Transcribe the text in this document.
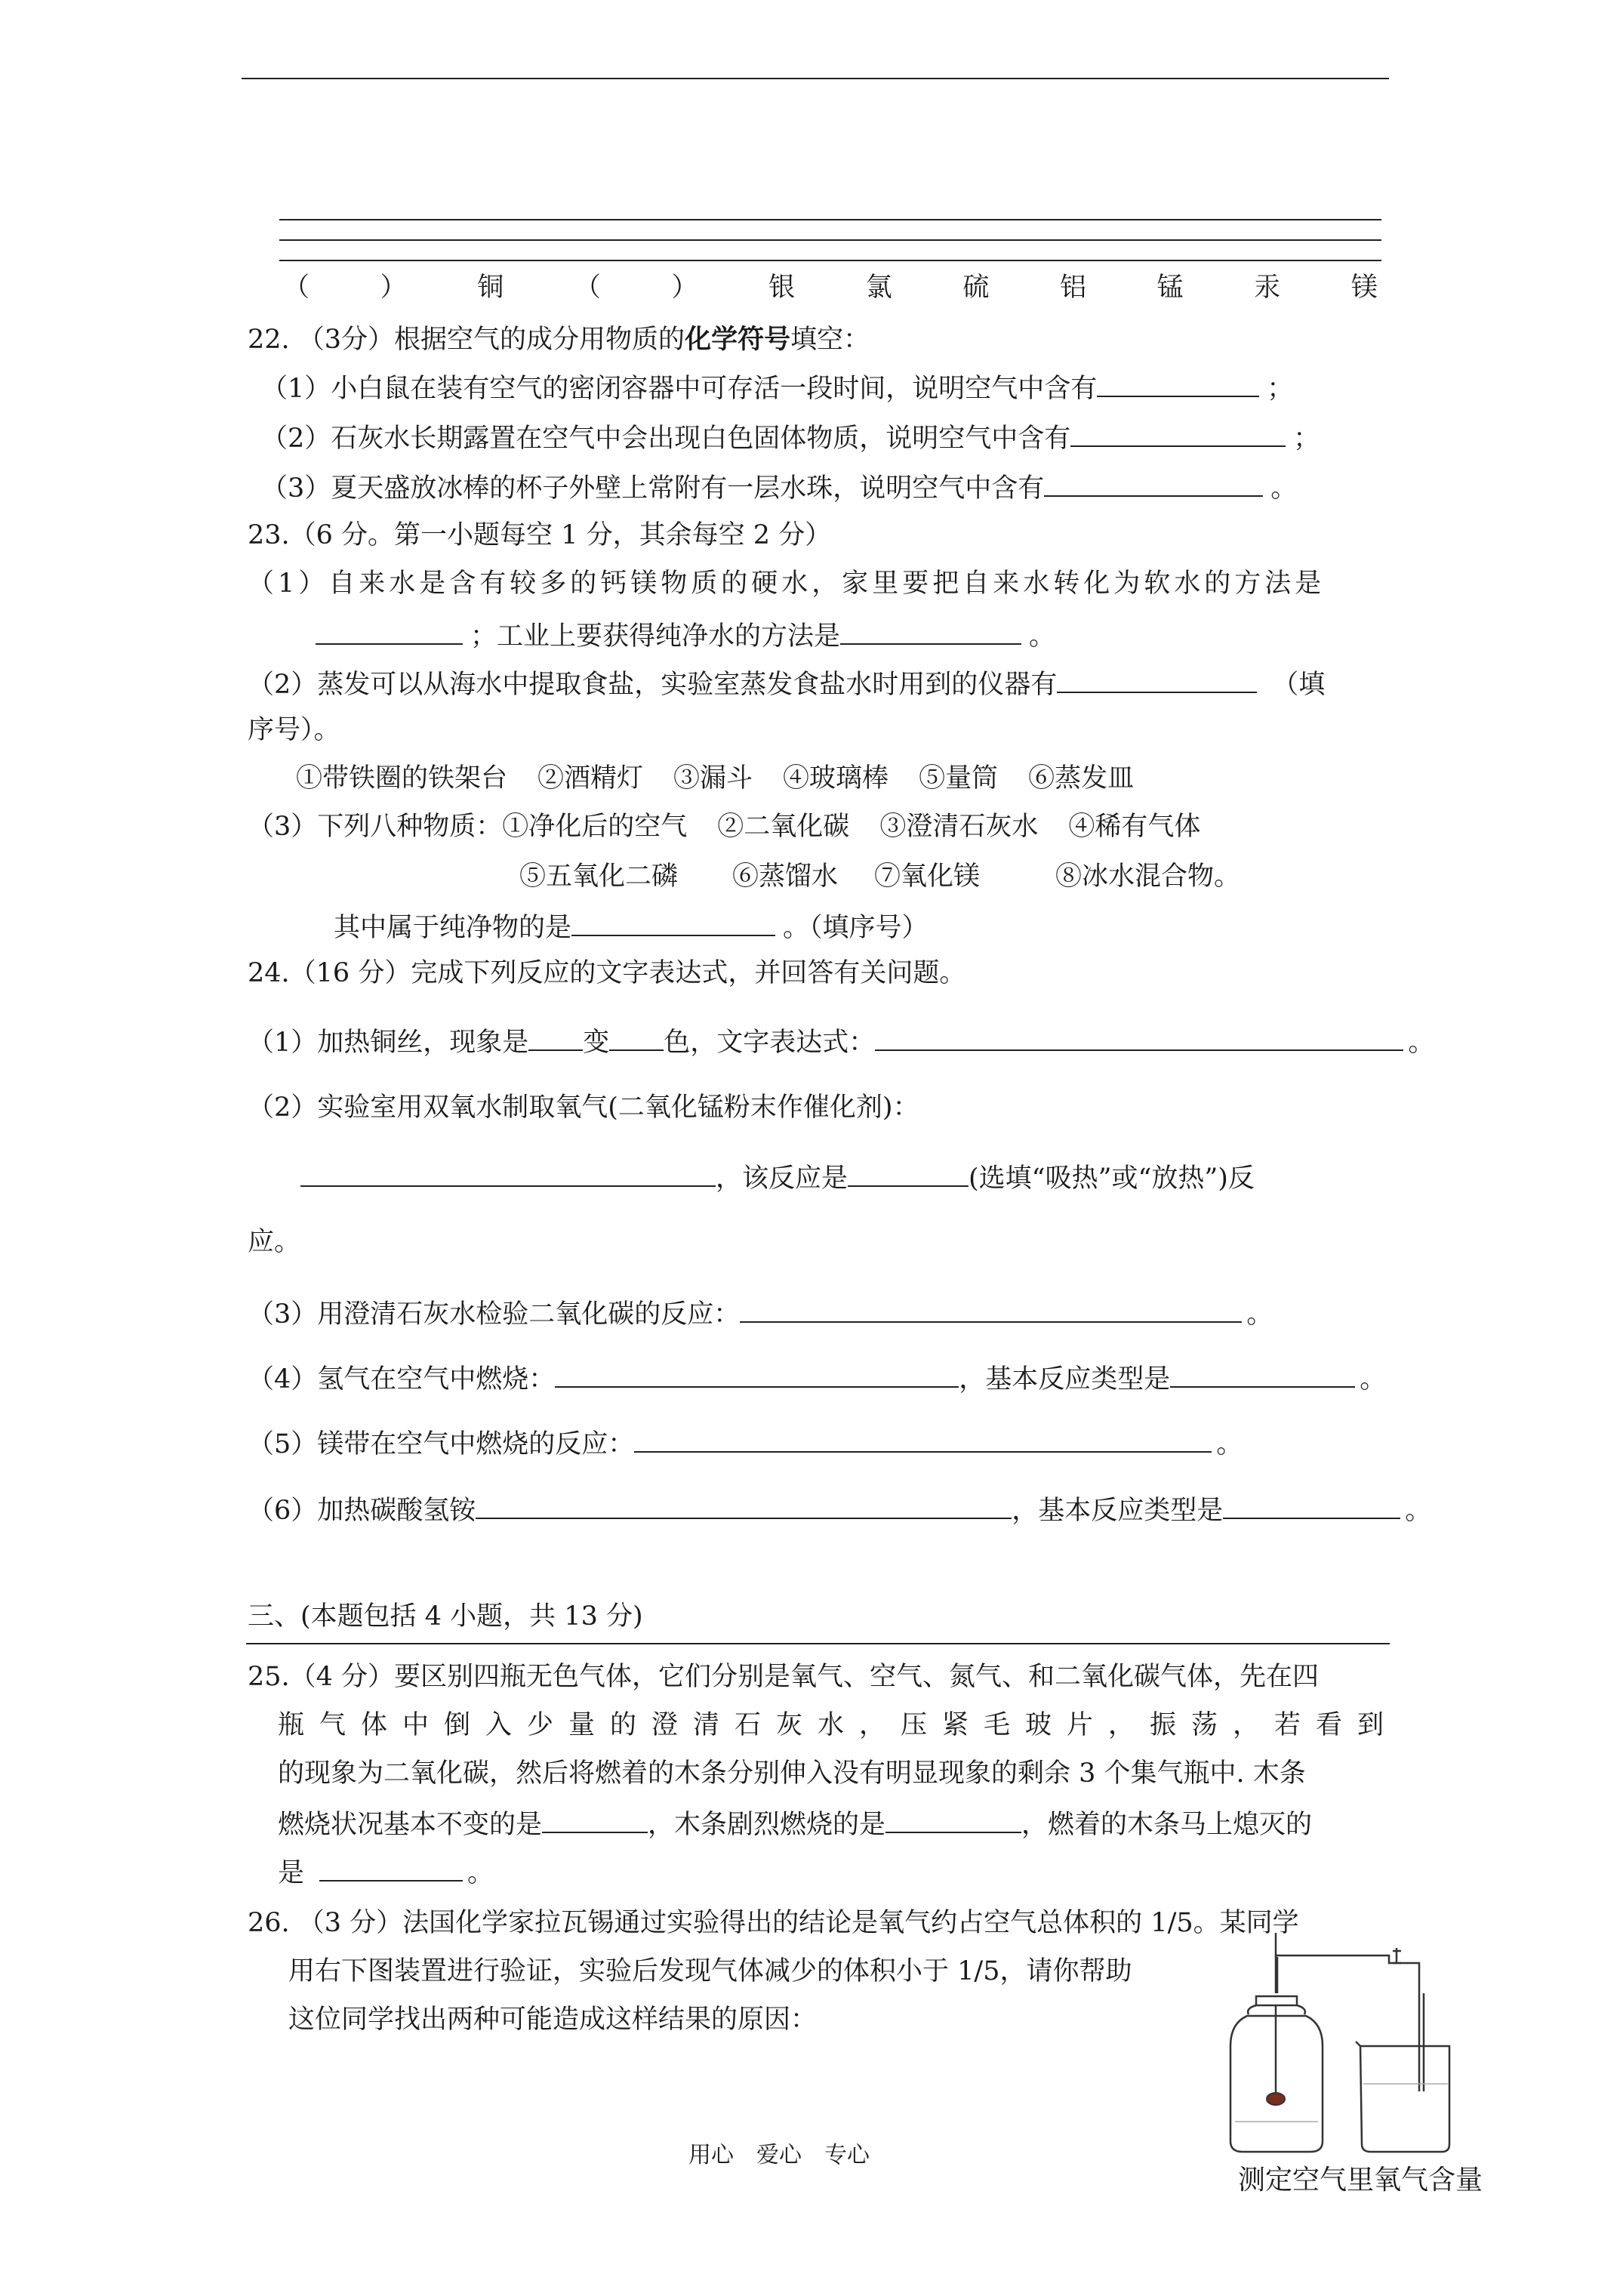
（	）	铜	（	）	银	氯	硫	铝	锰	汞	镁
22. （3分）根据空气的成分用物质的化学符号填空：
（1）小白鼠在装有空气的密闭容器中可存活一段时间，说明空气中含有	；
（2）石灰水长期露置在空气中会出现白色固体物质，说明空气中含有	；
（3）夏天盛放冰棒的杯子外壁上常附有一层水珠，说明空气中含有	。
23.（6 分。第一小题每空 1 分，其余每空 2 分）
（1）自来水是含有较多的钙镁物质的硬水，家里要把自来水转化为软水的方法是
；工业上要获得纯净水的方法是	。
（2）蒸发可以从海水中提取食盐，实验室蒸发食盐水时用到的仪器有	（填
序号）。
①带铁圈的铁架台 ②酒精灯 ③漏斗 ④玻璃棒 ⑤量筒 ⑥蒸发皿
（3）下列八种物质：①净化后的空气 ②二氧化碳 ③澄清石灰水 ④稀有气体
⑤五氧化二磷 ⑥蒸馏水 ⑦氧化镁	⑧冰水混合物。
其中属于纯净物的是	。（填序号）
24.（16 分）完成下列反应的文字表达式，并回答有关问题。
（1）加热铜丝，现象是 变 色，文字表达式：	。
（2）实验室用双氧水制取氧气(二氧化锰粉末作催化剂)：
，该反应是	(选填“吸热”或“放热”)反
应。
（3）用澄清石灰水检验二氧化碳的反应：	。
（4）氢气在空气中燃烧：	，基本反应类型是	。
（5）镁带在空气中燃烧的反应：	。
（6）加热碳酸氢铵	，基本反应类型是	。
三、(本题包括 4 小题，共 13 分)
25.（4 分）要区别四瓶无色气体，它们分别是氧气、空气、氮气、和二氧化碳气体，先在四
瓶气体中倒入少量的澄清石灰水，压紧毛玻片，振荡，若看到
的现象为二氧化碳，然后将燃着的木条分别伸入没有明显现象的剩余 3 个集气瓶中. 木条
燃烧状况基本不变的是	，木条剧烈燃烧的是	，燃着的木条马上熄灭的
是	。
26. （3 分）法国化学家拉瓦锡通过实验得出的结论是氧气约占空气总体积的 1/5。某同学
用右下图装置进行验证，实验后发现气体减少的体积小于 1/5，请你帮助
这位同学找出两种可能造成这样结果的原因：
测定空气里氧气含量
用心　爱心　专心
